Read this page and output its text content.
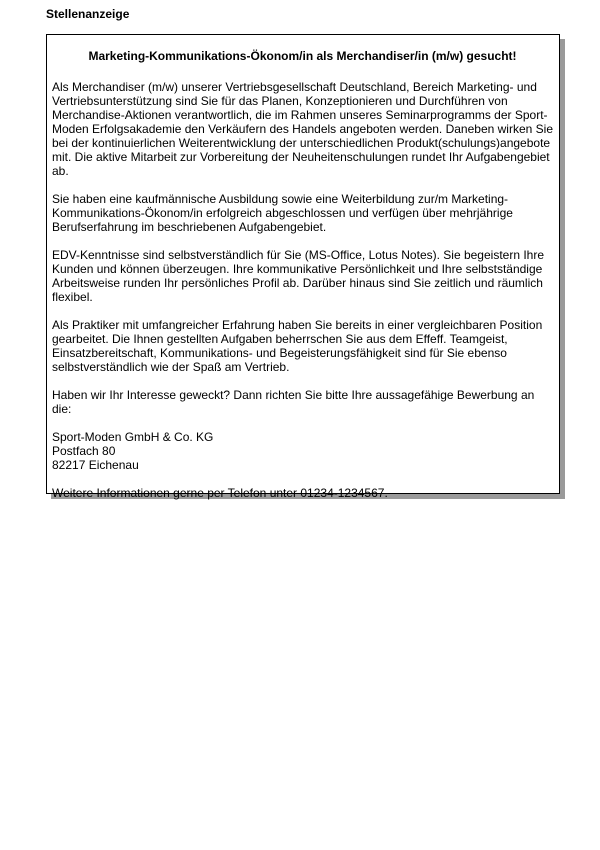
Stellenanzeige
Marketing-Kommunikations-Ökonom/in als Merchandiser/in (m/w) gesucht!

Als Merchandiser (m/w) unserer Vertriebsgesellschaft Deutschland, Bereich Marketing- und Vertriebsunterstützung sind Sie für das Planen, Konzeptionieren und Durchführen von Merchandise-Aktionen verantwortlich, die im Rahmen unseres Seminarprogramms der Sport-Moden Erfolgsakademie den Verkäufern des Handels angeboten werden. Daneben wirken Sie bei der kontinuierlichen Weiterentwicklung der unterschiedlichen Produkt(schulungs)angebote mit. Die aktive Mitarbeit zur Vorbereitung der Neuheitenschulungen rundet Ihr Aufgabengebiet ab.

Sie haben eine kaufmännische Ausbildung sowie eine Weiterbildung zur/m Marketing-Kommunikations-Ökonom/in erfolgreich abgeschlossen und verfügen über mehrjährige Berufserfahrung im beschriebenen Aufgabengebiet.

EDV-Kenntnisse sind selbstverständlich für Sie (MS-Office, Lotus Notes). Sie begeistern Ihre Kunden und können überzeugen. Ihre kommunikative Persönlichkeit und Ihre selbstständige Arbeitsweise runden Ihr persönliches Profil ab. Darüber hinaus sind Sie zeitlich und räumlich flexibel.

Als Praktiker mit umfangreicher Erfahrung haben Sie bereits in einer vergleichbaren Position gearbeitet. Die Ihnen gestellten Aufgaben beherrschen Sie aus dem Effeff. Teamgeist, Einsatzbereitschaft, Kommunikations- und Begeisterungsfähigkeit sind für Sie ebenso selbstverständlich wie der Spaß am Vertrieb.

Haben wir Ihr Interesse geweckt? Dann richten Sie bitte Ihre aussagefähige Bewerbung an die:

Sport-Moden GmbH & Co. KG
Postfach 80
82217 Eichenau

Weitere Informationen gerne per Telefon unter 01234-1234567.
